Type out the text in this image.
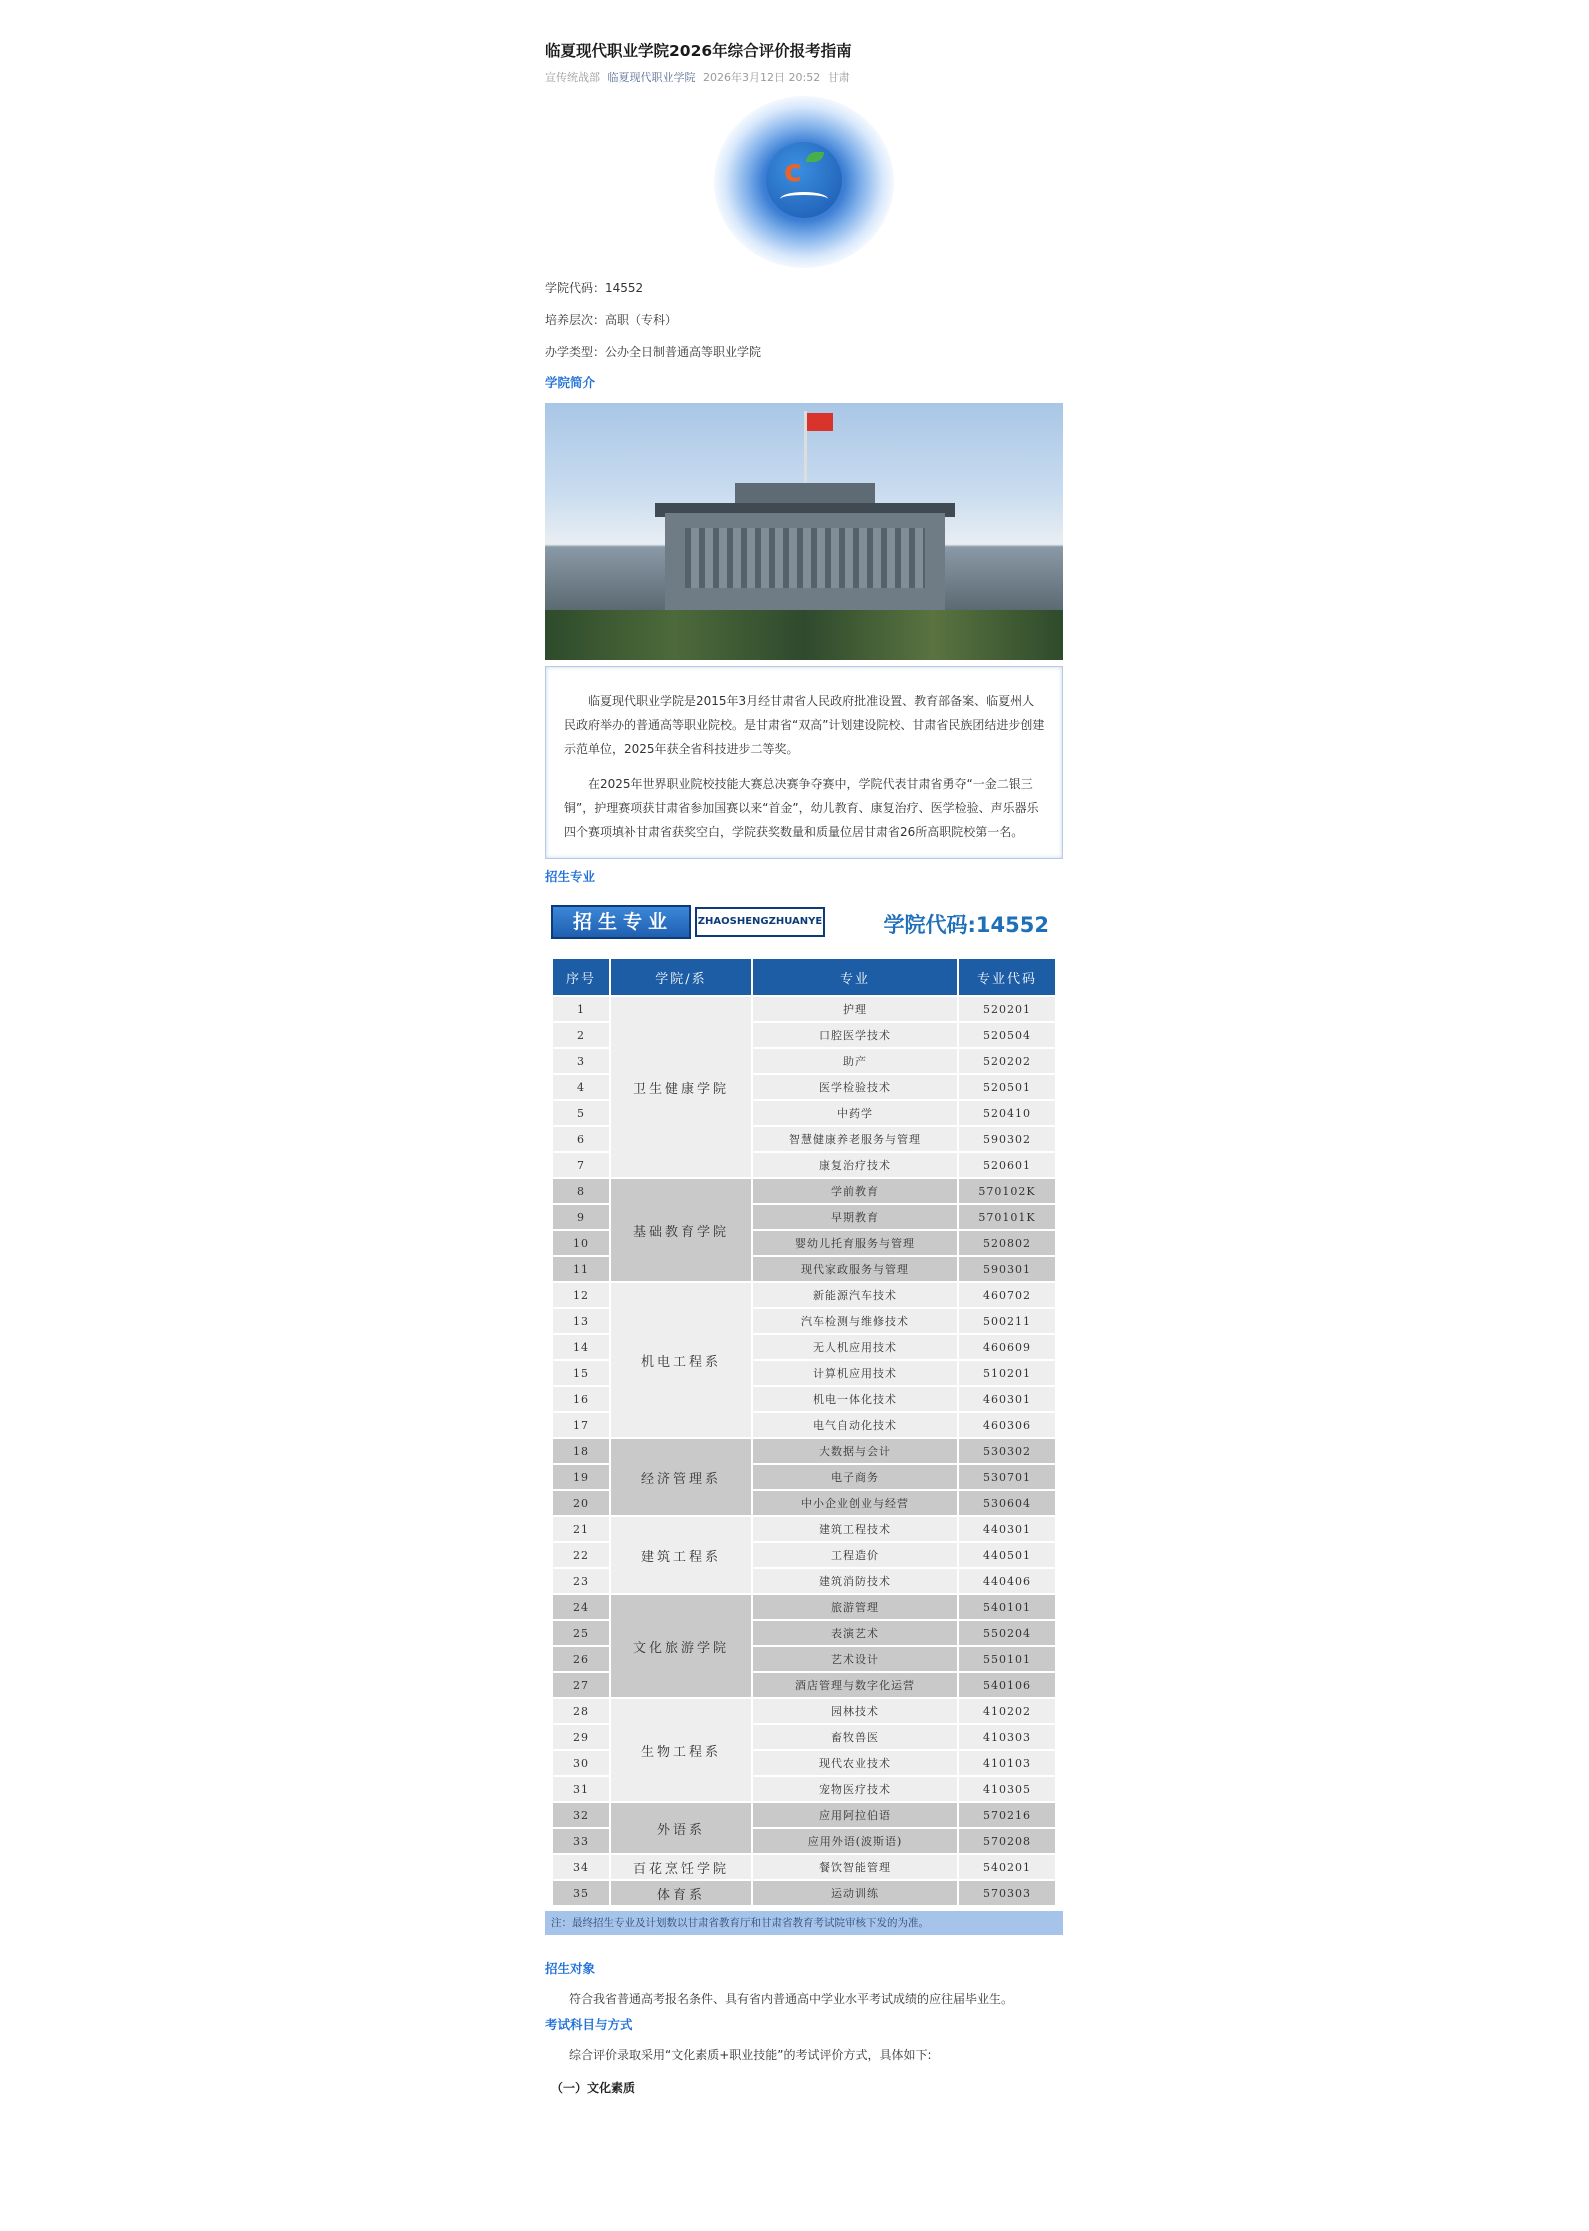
临夏现代职业学院2026年综合评价报考指南
宣传统战部 临夏现代职业学院 2026年3月12日 20:52 甘肃
c
学院代码：14552
培养层次：高职（专科）
办学类型：公办全日制普通高等职业学院
学院简介

临夏现代职业学院是2015年3月经甘肃省人民政府批准设置、教育部备案、临夏州人民政府举办的普通高等职业院校。是甘肃省“双高”计划建设院校、甘肃省民族团结进步创建示范单位，2025年获全省科技进步二等奖。

在2025年世界职业院校技能大赛总决赛争夺赛中，学院代表甘肃省勇夺“一金二银三铜”，护理赛项获甘肃省参加国赛以来“首金”，幼儿教育、康复治疗、医学检验、声乐器乐四个赛项填补甘肃省获奖空白，学院获奖数量和质量位居甘肃省26所高职院校第一名。

招生专业
招生专业	ZHAOSHENGZHUANYE	学院代码:14552
序号	学院/系	专业	专业代码
1	卫生健康学院	护理	520201
2		口腔医学技术	520504
3		助产	520202
4		医学检验技术	520501
5		中药学	520410
6		智慧健康养老服务与管理	590302
7		康复治疗技术	520601
8	基础教育学院	学前教育	570102K
9		早期教育	570101K
10		婴幼儿托育服务与管理	520802
11		现代家政服务与管理	590301
12	机电工程系	新能源汽车技术	460702
13		汽车检测与维修技术	500211
14		无人机应用技术	460609
15		计算机应用技术	510201
16		机电一体化技术	460301
17		电气自动化技术	460306
18	经济管理系	大数据与会计	530302
19		电子商务	530701
20		中小企业创业与经营	530604
21	建筑工程系	建筑工程技术	440301
22		工程造价	440501
23		建筑消防技术	440406
24	文化旅游学院	旅游管理	540101
25		表演艺术	550204
26		艺术设计	550101
27		酒店管理与数字化运营	540106
28	生物工程系	园林技术	410202
29		畜牧兽医	410303
30		现代农业技术	410103
31		宠物医疗技术	410305
32	外语系	应用阿拉伯语	570216
33		应用外语(波斯语)	570208
34	百花烹饪学院	餐饮智能管理	540201
35	体育系	运动训练	570303
注：最终招生专业及计划数以甘肃省教育厅和甘肃省教育考试院审核下发的为准。
招生对象

符合我省普通高考报名条件、具有省内普通高中学业水平考试成绩的应往届毕业生。

考试科目与方式

综合评价录取采用“文化素质+职业技能”的考试评价方式，具体如下:

（一）文化素质
